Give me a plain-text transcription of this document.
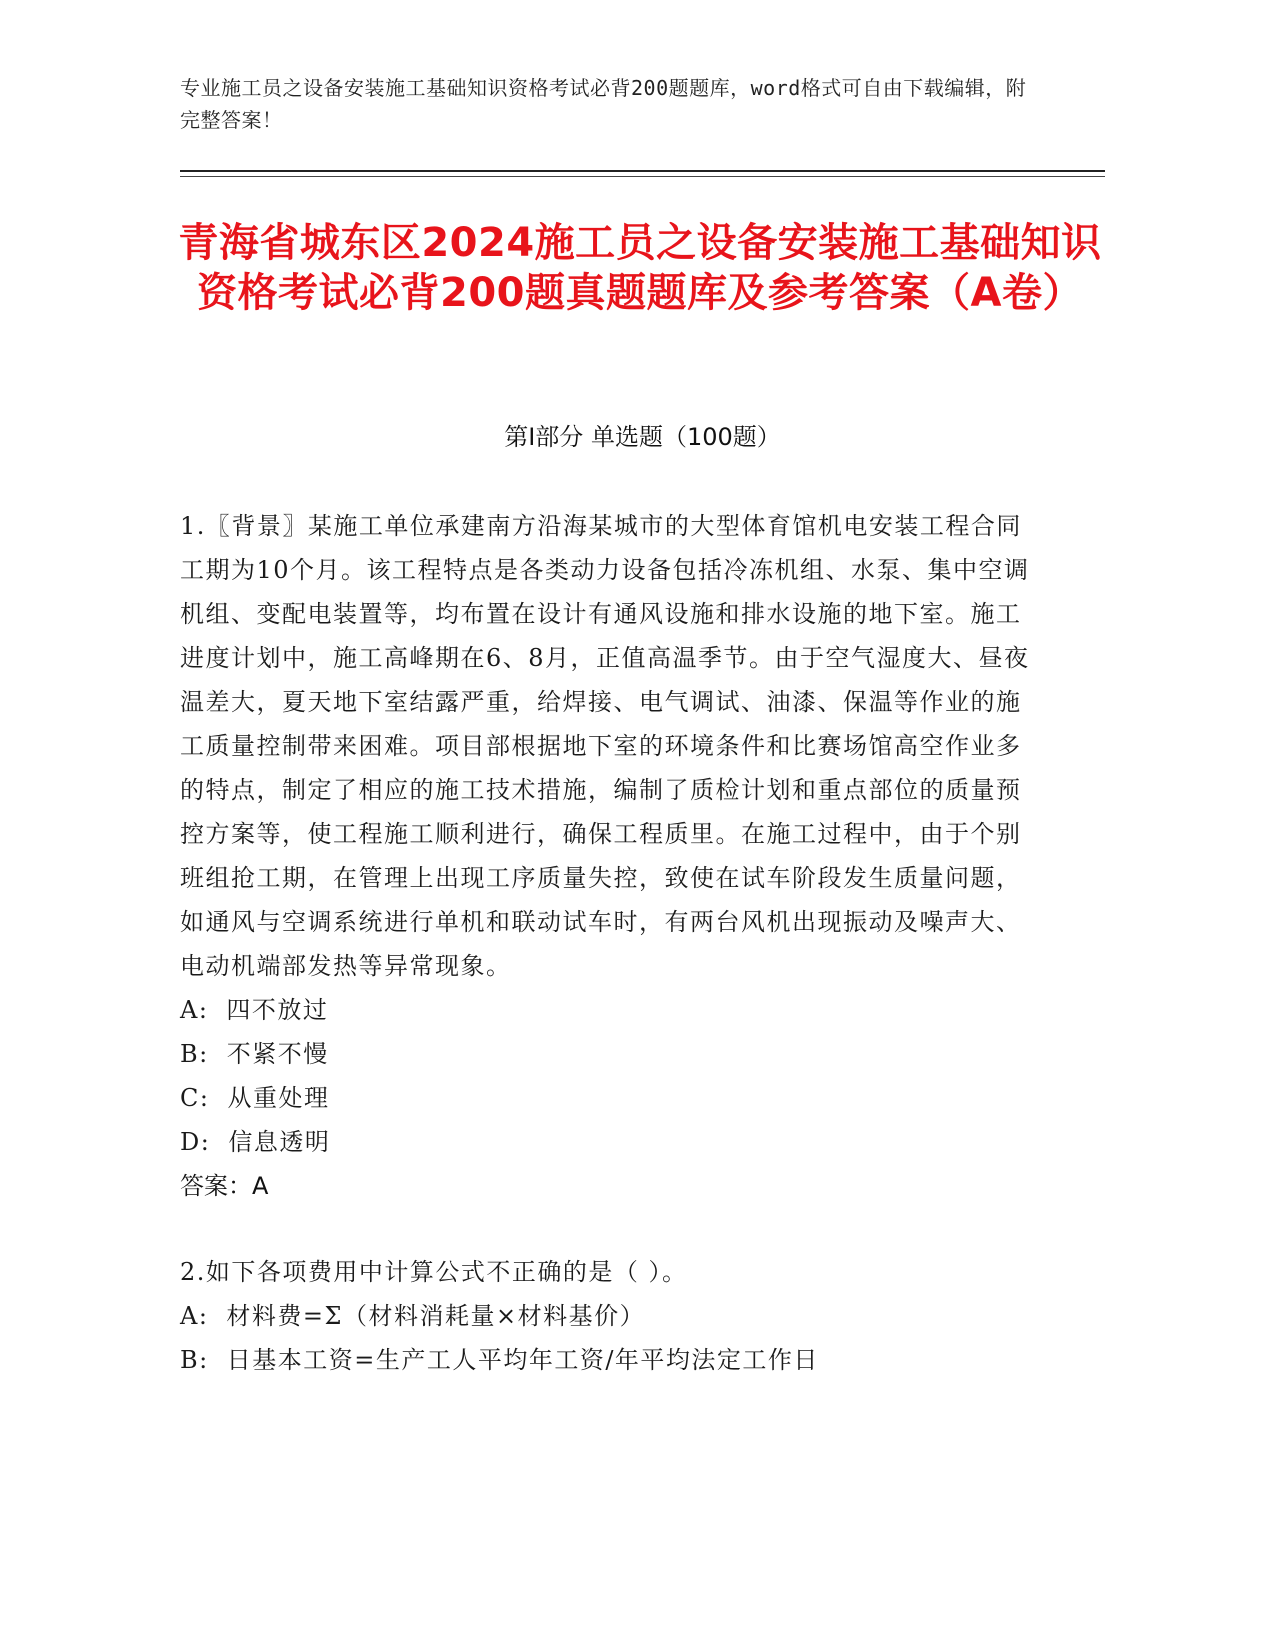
专业施工员之设备安装施工基础知识资格考试必背200题题库，word格式可自由下载编辑，附完整答案！
青海省城东区2024施工员之设备安装施工基础知识资格考试必背200题真题题库及参考答案（A卷）
第Ⅰ部分 单选题（100题）

1.〖背景〗某施工单位承建南方沿海某城市的大型体育馆机电安装工程合同工期为10个月。该工程特点是各类动力设备包括冷冻机组、水泵、集中空调机组、变配电装置等，均布置在设计有通风设施和排水设施的地下室。施工进度计划中，施工高峰期在6、8月，正值高温季节。由于空气湿度大、昼夜温差大，夏天地下室结露严重，给焊接、电气调试、油漆、保温等作业的施工质量控制带来困难。项目部根据地下室的环境条件和比赛场馆高空作业多的特点，制定了相应的施工技术措施，编制了质检计划和重点部位的质量预控方案等，使工程施工顺利进行，确保工程质里。在施工过程中，由于个别班组抢工期，在管理上出现工序质量失控，致使在试车阶段发生质量问题，如通风与空调系统进行单机和联动试车时，有两台风机出现振动及噪声大、电动机端部发热等异常现象。

A: 四不放过

B: 不紧不慢

C: 从重处理

D: 信息透明

答案：A

2.如下各项费用中计算公式不正确的是（ ）。

A: 材料费=Σ（材料消耗量×材料基价）

B: 日基本工资=生产工人平均年工资/年平均法定工作日
